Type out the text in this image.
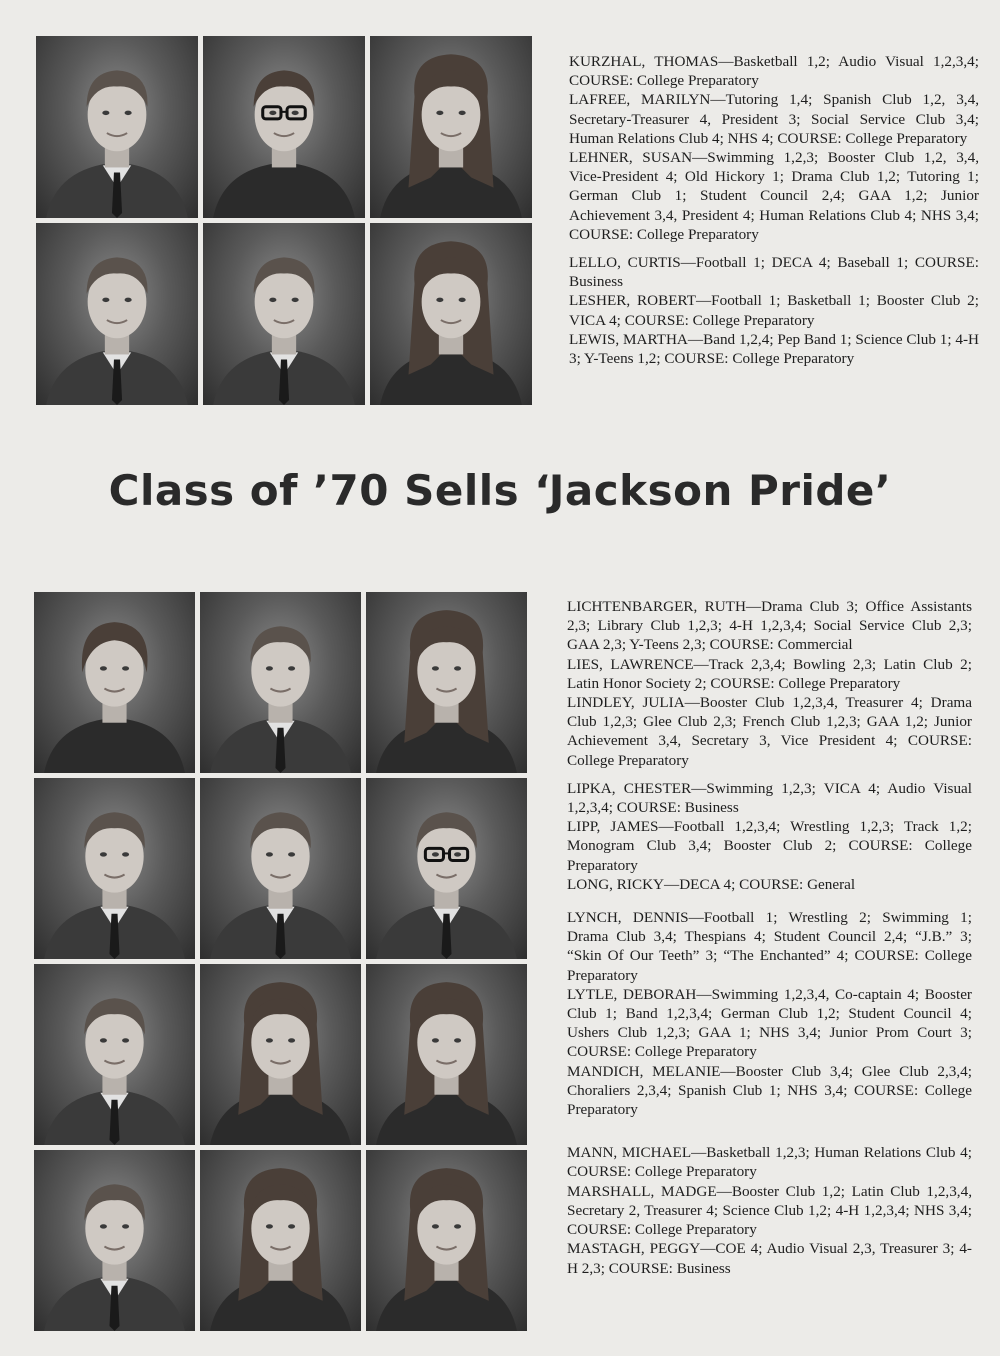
KURZHAL, THOMAS—Basketball 1,2; Audio Visual 1,2,3,4; COURSE: College Preparatory

LAFREE, MARILYN—Tutoring 1,4; Spanish Club 1,2, 3,4, Secretary-Treasurer 4, President 3; Social Service Club 3,4; Human Relations Club 4; NHS 4; COURSE: College Preparatory

LEHNER, SUSAN—Swimming 1,2,3; Booster Club 1,2, 3,4, Vice-President 4; Old Hickory 1; Drama Club 1,2; Tutoring 1; German Club 1; Student Council 2,4; GAA 1,2; Junior Achievement 3,4, President 4; Human Relations Club 4; NHS 3,4; COURSE: College Preparatory

LELLO, CURTIS—Football 1; DECA 4; Baseball 1; COURSE: Business

LESHER, ROBERT—Football 1; Basketball 1; Booster Club 2; VICA 4; COURSE: College Preparatory

LEWIS, MARTHA—Band 1,2,4; Pep Band 1; Science Club 1; 4-H 3; Y-Teens 1,2; COURSE: College Preparatory

Class of ’70 Sells ‘Jackson Pride’

LICHTENBARGER, RUTH—Drama Club 3; Office Assistants 2,3; Library Club 1,2,3; 4-H 1,2,3,4; Social Service Club 2,3; GAA 2,3; Y-Teens 2,3; COURSE: Commercial

LIES, LAWRENCE—Track 2,3,4; Bowling 2,3; Latin Club 2; Latin Honor Society 2; COURSE: College Preparatory

LINDLEY, JULIA—Booster Club 1,2,3,4, Treasurer 4; Drama Club 1,2,3; Glee Club 2,3; French Club 1,2,3; GAA 1,2; Junior Achievement 3,4, Secretary 3, Vice President 4; COURSE: College Preparatory

LIPKA, CHESTER—Swimming 1,2,3; VICA 4; Audio Visual 1,2,3,4; COURSE: Business

LIPP, JAMES—Football 1,2,3,4; Wrestling 1,2,3; Track 1,2; Monogram Club 3,4; Booster Club 2; COURSE: College Preparatory

LONG, RICKY—DECA 4; COURSE: General

LYNCH, DENNIS—Football 1; Wrestling 2; Swimming 1; Drama Club 3,4; Thespians 4; Student Council 2,4; “J.B.” 3; “Skin Of Our Teeth” 3; “The Enchanted” 4; COURSE: College Preparatory

LYTLE, DEBORAH—Swimming 1,2,3,4, Co-captain 4; Booster Club 1; Band 1,2,3,4; German Club 1,2; Student Council 4; Ushers Club 1,2,3; GAA 1; NHS 3,4; Junior Prom Court 3; COURSE: College Preparatory

MANDICH, MELANIE—Booster Club 3,4; Glee Club 2,3,4; Choraliers 2,3,4; Spanish Club 1; NHS 3,4; COURSE: College Preparatory

MANN, MICHAEL—Basketball 1,2,3; Human Relations Club 4; COURSE: College Preparatory

MARSHALL, MADGE—Booster Club 1,2; Latin Club 1,2,3,4, Secretary 2, Treasurer 4; Science Club 1,2; 4-H 1,2,3,4; NHS 3,4; COURSE: College Preparatory

MASTAGH, PEGGY—COE 4; Audio Visual 2,3, Treasurer 3; 4-H 2,3; COURSE: Business
